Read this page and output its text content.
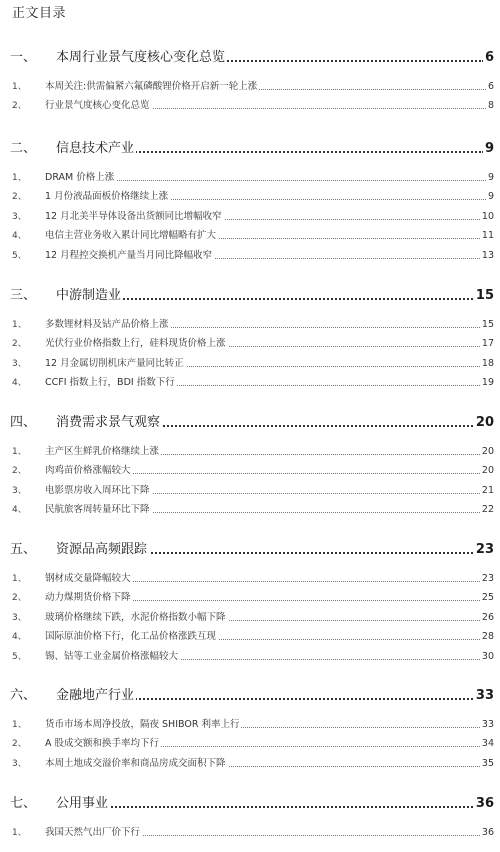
正文目录
一、 本周行业景气度核心变化总览	6
1、 本周关注:供需偏紧六氟磷酸锂价格开启新一轮上涨	6
2、 行业景气度核心变化总览	8
二、 信息技术产业	9
1、 DRAM 价格上涨	9
2、 1 月份液晶面板价格继续上涨	9
3、 12 月北美半导体设备出货额同比增幅收窄	10
4、 电信主营业务收入累计同比增幅略有扩大	11
5、 12 月程控交换机产量当月同比降幅收窄	13
三、 中游制造业	15
1、 多数锂材料及钴产品价格上涨	15
2、 光伏行业价格指数上行，硅料现货价格上涨	17
3、 12 月金属切削机床产量同比转正	18
4、 CCFI 指数上行，BDI 指数下行	19
四、 消费需求景气观察	20
1、 主产区生鲜乳价格继续上涨	20
2、 肉鸡苗价格涨幅较大	20
3、 电影票房收入周环比下降	21
4、 民航旅客周转量环比下降	22
五、 资源品高频跟踪	23
1、 钢材成交量降幅较大	23
2、 动力煤期货价格下降	25
3、 玻璃价格继续下跌，水泥价格指数小幅下降	26
4、 国际原油价格下行，化工品价格涨跌互现	28
5、 锡、钴等工业金属价格涨幅较大	30
六、 金融地产行业	33
1、 货币市场本周净投放，隔夜 SHIBOR 利率上行	33
2、 A 股成交额和换手率均下行	34
3、 本周土地成交溢价率和商品房成交面积下降	35
七、 公用事业	36
1、 我国天然气出厂价下行	36
